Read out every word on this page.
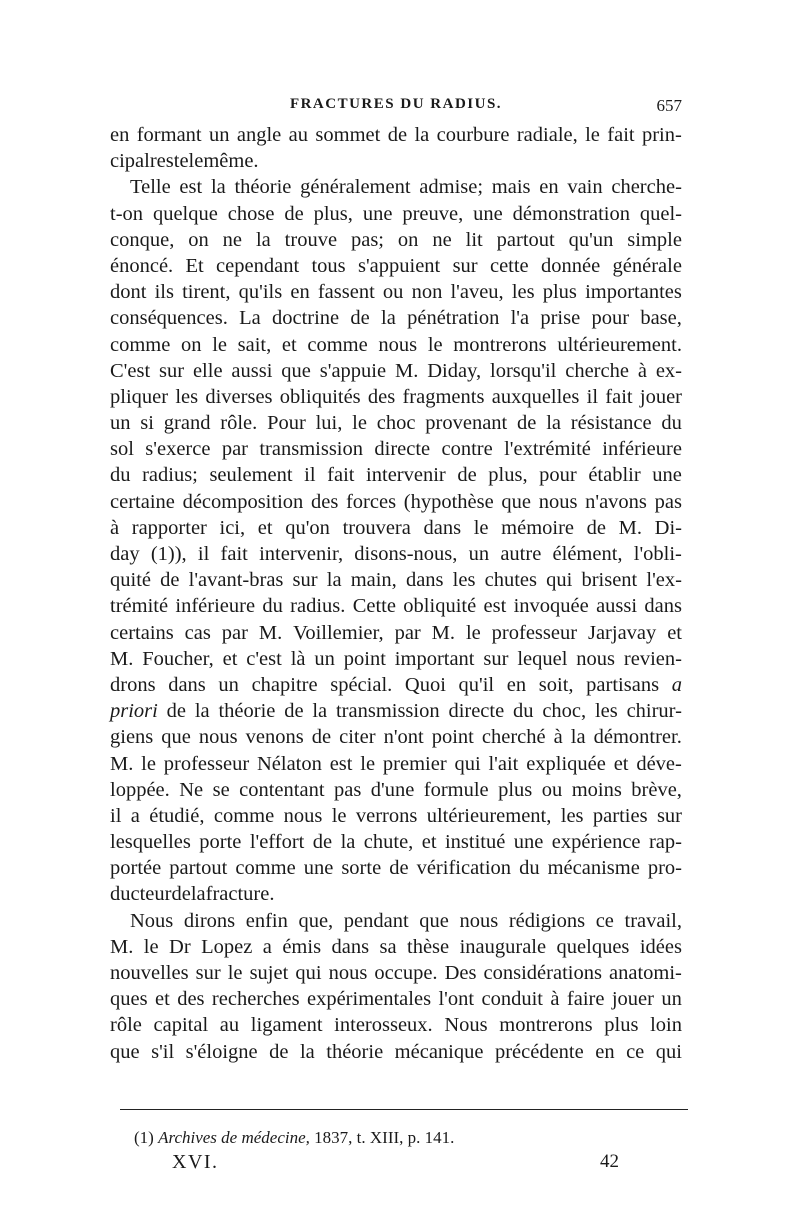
FRACTURES DU RADIUS.	657
en formant un angle au sommet de la courbure radiale, le fait prin-
cipal reste le même.
Telle est la théorie généralement admise; mais en vain cherche-
t-on quelque chose de plus, une preuve, une démonstration quel-
conque, on ne la trouve pas; on ne lit partout qu'un simple
énoncé. Et cependant tous s'appuient sur cette donnée générale
dont ils tirent, qu'ils en fassent ou non l'aveu, les plus importantes
conséquences. La doctrine de la pénétration l'a prise pour base,
comme on le sait, et comme nous le montrerons ultérieurement.
C'est sur elle aussi que s'appuie M. Diday, lorsqu'il cherche à ex-
pliquer les diverses obliquités des fragments auxquelles il fait jouer
un si grand rôle. Pour lui, le choc provenant de la résistance du
sol s'exerce par transmission directe contre l'extrémité inférieure
du radius; seulement il fait intervenir de plus, pour établir une
certaine décomposition des forces (hypothèse que nous n'avons pas
à rapporter ici, et qu'on trouvera dans le mémoire de M. Di-
day (1)), il fait intervenir, disons-nous, un autre élément, l'obli-
quité de l'avant-bras sur la main, dans les chutes qui brisent l'ex-
trémité inférieure du radius. Cette obliquité est invoquée aussi dans
certains cas par M. Voillemier, par M. le professeur Jarjavay et
M. Foucher, et c'est là un point important sur lequel nous revien-
drons dans un chapitre spécial. Quoi qu'il en soit, partisans a
priori de la théorie de la transmission directe du choc, les chirur-
giens que nous venons de citer n'ont point cherché à la démontrer.
M. le professeur Nélaton est le premier qui l'ait expliquée et déve-
loppée. Ne se contentant pas d'une formule plus ou moins brève,
il a étudié, comme nous le verrons ultérieurement, les parties sur
lesquelles porte l'effort de la chute, et institué une expérience rap-
portée partout comme une sorte de vérification du mécanisme pro-
ducteur de la fracture.
Nous dirons enfin que, pendant que nous rédigions ce travail,
M. le Dr Lopez a émis dans sa thèse inaugurale quelques idées
nouvelles sur le sujet qui nous occupe. Des considérations anatomi-
ques et des recherches expérimentales l'ont conduit à faire jouer un
rôle capital au ligament interosseux. Nous montrerons plus loin
que s'il s'éloigne de la théorie mécanique précédente en ce qui
(1) Archives de médecine, 1837, t. XIII, p. 141.
XVI.	42
